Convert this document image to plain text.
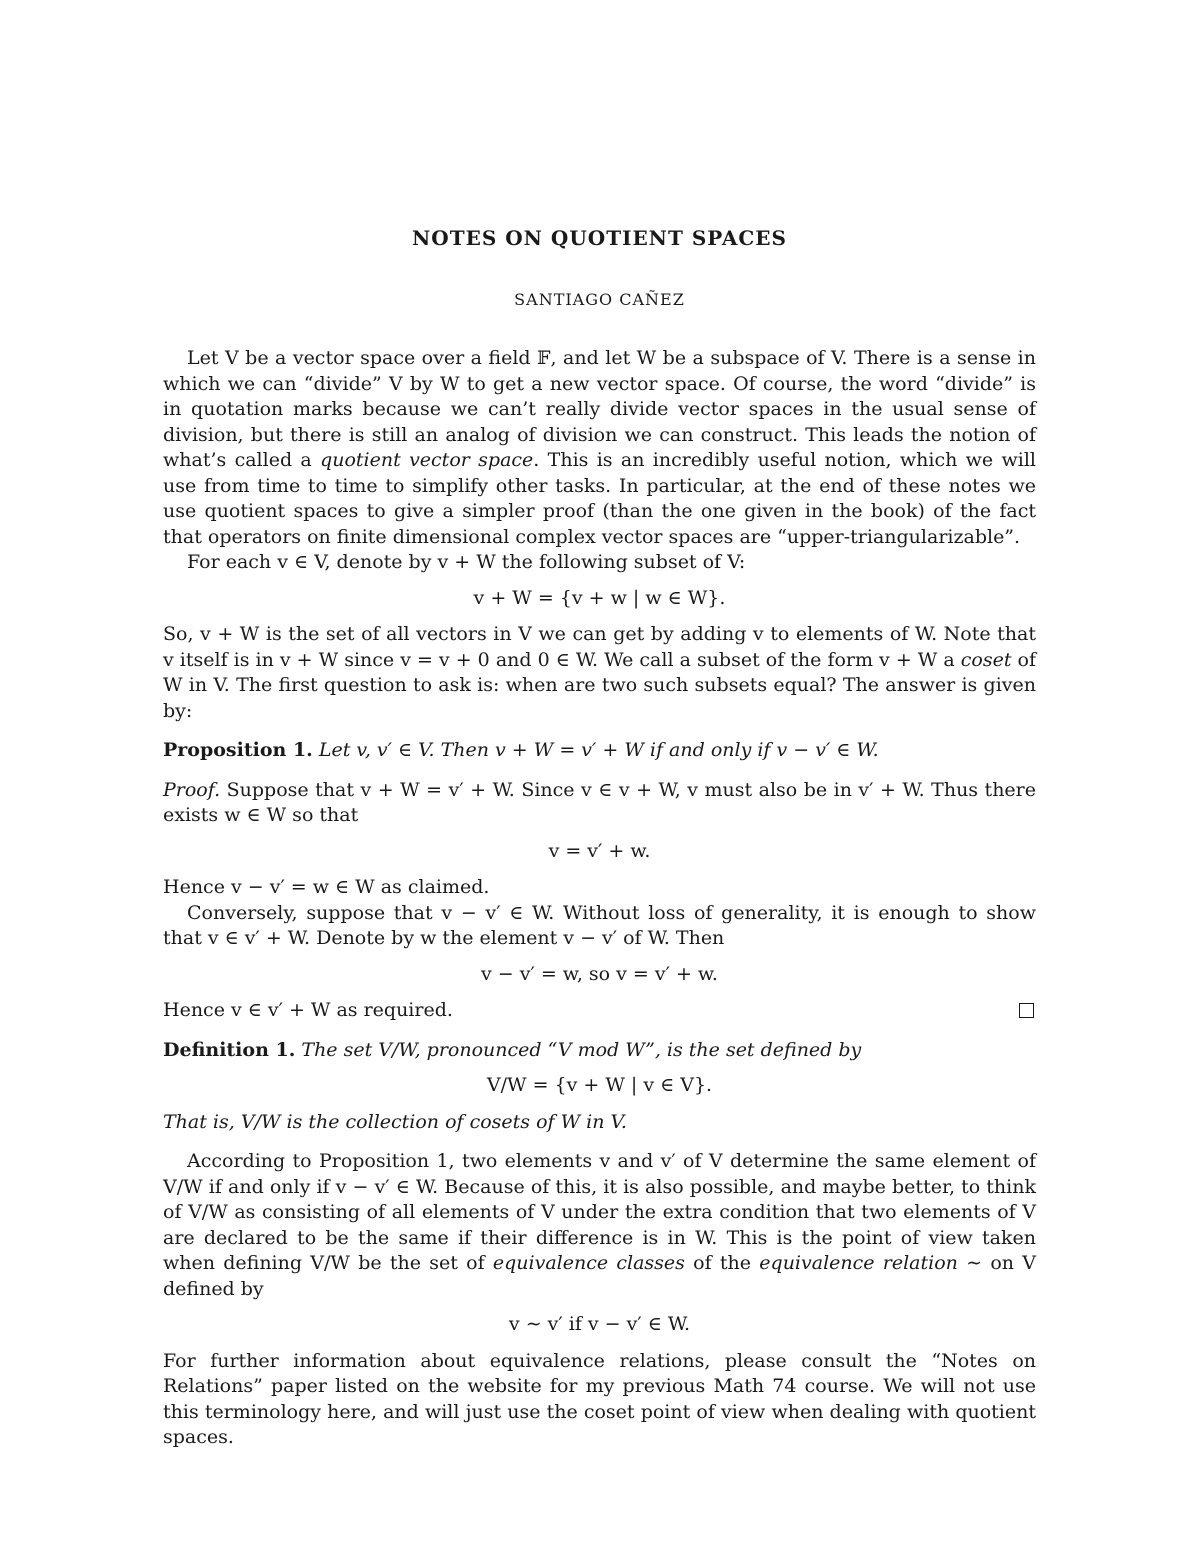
NOTES ON QUOTIENT SPACES
SANTIAGO CAÑEZ

Let V be a vector space over a field 𝔽, and let W be a subspace of V. There is a sense in which we can “divide” V by W to get a new vector space. Of course, the word “divide” is in quotation marks because we can’t really divide vector spaces in the usual sense of division, but there is still an analog of division we can construct. This leads the notion of what’s called a quotient vector space. This is an incredibly useful notion, which we will use from time to time to simplify other tasks. In particular, at the end of these notes we use quotient spaces to give a simpler proof (than the one given in the book) of the fact that operators on finite dimensional complex vector spaces are “upper-triangularizable”.

For each v ∈ V, denote by v + W the following subset of V:

v + W = {v + w | w ∈ W}.

So, v + W is the set of all vectors in V we can get by adding v to elements of W. Note that v itself is in v + W since v = v + 0 and 0 ∈ W. We call a subset of the form v + W a coset of W in V. The first question to ask is: when are two such subsets equal? The answer is given by:

Proposition 1. Let v, v′ ∈ V. Then v + W = v′ + W if and only if v − v′ ∈ W.

Proof. Suppose that v + W = v′ + W. Since v ∈ v + W, v must also be in v′ + W. Thus there exists w ∈ W so that

v = v′ + w.

Hence v − v′ = w ∈ W as claimed.

Conversely, suppose that v − v′ ∈ W. Without loss of generality, it is enough to show that v ∈ v′ + W. Denote by w the element v − v′ of W. Then

v − v′ = w, so v = v′ + w.
Hence v ∈ v′ + W as required.

Definition 1. The set V/W, pronounced “V mod W”, is the set defined by

V/W = {v + W | v ∈ V}.

That is, V/W is the collection of cosets of W in V.

According to Proposition 1, two elements v and v′ of V determine the same element of V/W if and only if v − v′ ∈ W. Because of this, it is also possible, and maybe better, to think of V/W as consisting of all elements of V under the extra condition that two elements of V are declared to be the same if their difference is in W. This is the point of view taken when defining V/W be the set of equivalence classes of the equivalence relation ∼ on V defined by

v ∼ v′ if v − v′ ∈ W.

For further information about equivalence relations, please consult the “Notes on Relations” paper listed on the website for my previous Math 74 course. We will not use this terminology here, and will just use the coset point of view when dealing with quotient spaces.
